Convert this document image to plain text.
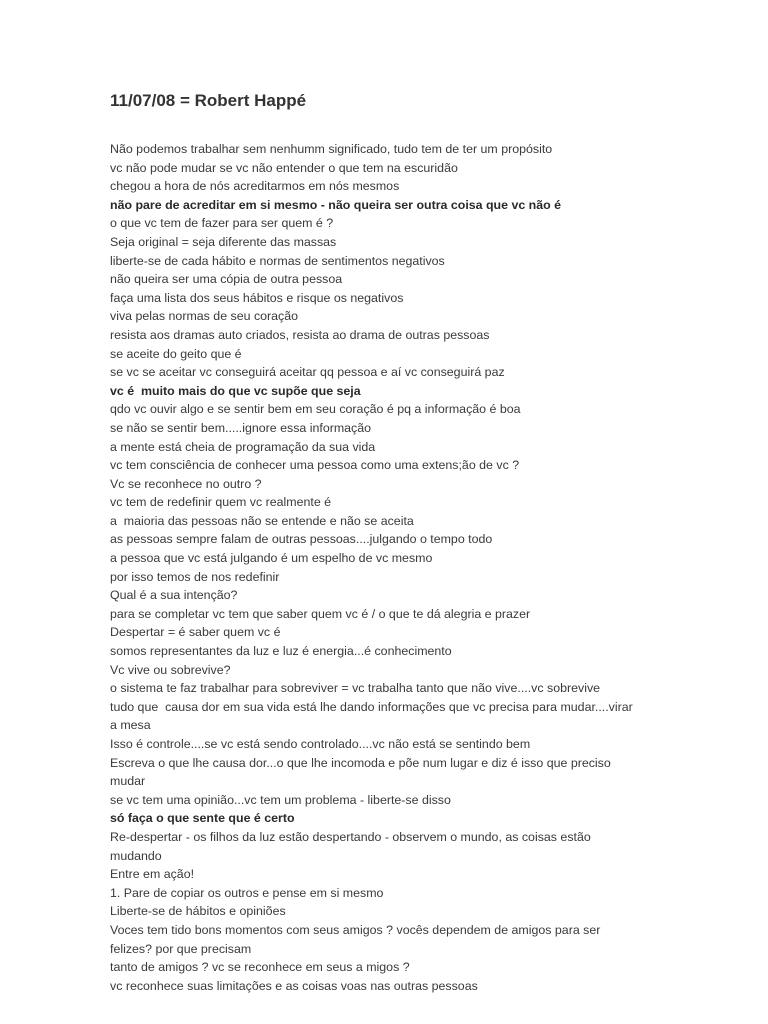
11/07/08 = Robert Happé
Não podemos trabalhar sem nenhumm significado, tudo tem de ter um propósito
vc não pode mudar se vc não entender o que tem na escuridão
chegou a hora de nós acreditarmos em nós mesmos
não pare de acreditar em si mesmo - não queira ser outra coisa que vc não é
o que vc tem de fazer para ser quem é ?
Seja original = seja diferente das massas
liberte-se de cada hábito e normas de sentimentos negativos
não queira ser uma cópia de outra pessoa
faça uma lista dos seus hábitos e risque os negativos
viva pelas normas de seu coração
resista aos dramas auto criados, resista ao drama de outras pessoas
se aceite do geito que é
se vc se aceitar vc conseguirá aceitar qq pessoa e aí vc conseguirá paz
vc é  muito mais do que vc supõe que seja
qdo vc ouvir algo e se sentir bem em seu coração é pq a informação é boa
se não se sentir bem.....ignore essa informação
a mente está cheia de programação da sua vida
vc tem consciência de conhecer uma pessoa como uma extens;ão de vc ?
Vc se reconhece no outro ?
vc tem de redefinir quem vc realmente é
a  maioria das pessoas não se entende e não se aceita
as pessoas sempre falam de outras pessoas....julgando o tempo todo
a pessoa que vc está julgando é um espelho de vc mesmo
por isso temos de nos redefinir
Qual é a sua intenção?
para se completar vc tem que saber quem vc é / o que te dá alegria e prazer
Despertar = é saber quem vc é
somos representantes da luz e luz é energia...é conhecimento
Vc vive ou sobrevive?
o sistema te faz trabalhar para sobreviver = vc trabalha tanto que não vive....vc sobrevive
tudo que  causa dor em sua vida está lhe dando informações que vc precisa para mudar....virar
a mesa
Isso é controle....se vc está sendo controlado....vc não está se sentindo bem
Escreva o que lhe causa dor...o que lhe incomoda e põe num lugar e diz é isso que preciso
mudar
se vc tem uma opinião...vc tem um problema - liberte-se disso
só faça o que sente que é certo
Re-despertar - os filhos da luz estão despertando - observem o mundo, as coisas estão
mudando
Entre em ação!
1. Pare de copiar os outros e pense em si mesmo
Liberte-se de hábitos e opiniões
Voces tem tido bons momentos com seus amigos ? vocês dependem de amigos para ser
felizes? por que precisam
tanto de amigos ? vc se reconhece em seus a migos ?
vc reconhece suas limitações e as coisas voas nas outras pessoas
